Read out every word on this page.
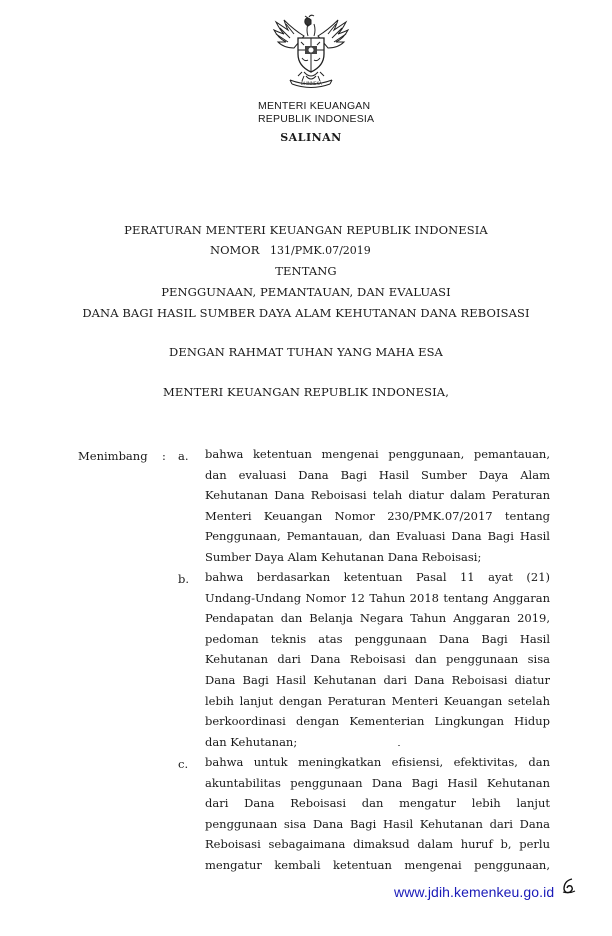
BHINNEKA
MENTERI KEUANGAN
REPUBLIK INDONESIA
SALINAN
PERATURAN MENTERI KEUANGAN REPUBLIK INDONESIA
NOMOR 131/PMK.07/2019
TENTANG
PENGGUNAAN, PEMANTAUAN, DAN EVALUASI
DANA BAGI HASIL SUMBER DAYA ALAM KEHUTANAN DANA REBOISASI
DENGAN RAHMAT TUHAN YANG MAHA ESA
MENTERI KEUANGAN REPUBLIK INDONESIA,
Menimbang : a. bahwa ketentuan mengenai penggunaan, pemantauan,
dan evaluasi Dana Bagi Hasil Sumber Daya Alam
Kehutanan Dana Reboisasi telah diatur dalam Peraturan
Menteri Keuangan Nomor 230/PMK.07/2017 tentang
Penggunaan, Pemantauan, dan Evaluasi Dana Bagi Hasil
Sumber Daya Alam Kehutanan Dana Reboisasi;
b. bahwa berdasarkan ketentuan Pasal 11 ayat (21)
Undang-Undang Nomor 12 Tahun 2018 tentang Anggaran
Pendapatan dan Belanja Negara Tahun Anggaran 2019,
pedoman teknis atas penggunaan Dana Bagi Hasil
Kehutanan dari Dana Reboisasi dan penggunaan sisa
Dana Bagi Hasil Kehutanan dari Dana Reboisasi diatur
lebih lanjut dengan Peraturan Menteri Keuangan setelah
berkoordinasi dengan Kementerian Lingkungan Hidup
dan Kehutanan;
c. bahwa untuk meningkatkan efisiensi, efektivitas, dan
akuntabilitas penggunaan Dana Bagi Hasil Kehutanan
dari Dana Reboisasi dan mengatur lebih lanjut
penggunaan sisa Dana Bagi Hasil Kehutanan dari Dana
Reboisasi sebagaimana dimaksud dalam huruf b, perlu
mengatur kembali ketentuan mengenai penggunaan,
www.jdih.kemenkeu.go.id
